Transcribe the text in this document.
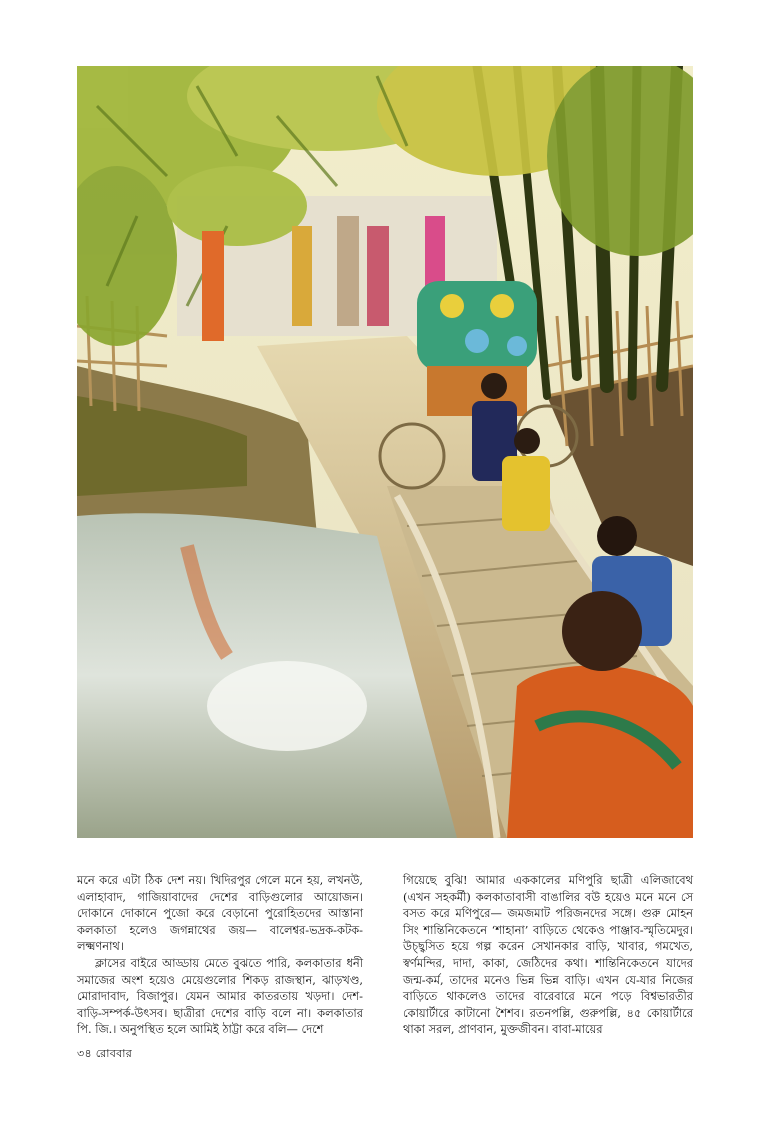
মনে করে এটা ঠিক দেশ নয়। খিদিরপুর গেলে মনে হয়, লখনউ, এলাহাবাদ, গাজিয়াবাদের দেশের বাড়িগুলোর আয়োজন। দোকানে দোকানে পুজো করে বেড়ানো পুরোহিতদের আস্তানা কলকাতা হলেও জগন্নাথের জয়— বালেশ্বর-ভদ্রক-কটক-লক্ষ্মণনাথ।

ক্লাসের বাইরে আড্ডায় মেতে বুঝতে পারি, কলকাতার ধনী সমাজের অংশ হয়েও মেয়েগুলোর শিকড় রাজস্থান, ঝাড়খণ্ড, মোরাদাবাদ, বিজাপুর। যেমন আমার কাতরতায় খড়দা। দেশ-বাড়ি-সম্পর্ক-উৎসব। ছাত্রীরা দেশের বাড়ি বলে না। কলকাতার পি. জি.। অনুপস্থিত হলে আমিই ঠাট্টা করে বলি— দেশে

গিয়েছে বুঝি! আমার এককালের মণিপুরি ছাত্রী এলিজাবেথ (এখন সহকর্মী) কলকাতাবাসী বাঙালির বউ হয়েও মনে মনে সে বসত করে মণিপুরে— জমজমাট পরিজনদের সঙ্গে। গুরু মোহন সিং শান্তিনিকেতনে ‘শাহানা’ বাড়িতে থেকেও পাঞ্জাব-স্মৃতিমেদুর। উচ্ছ্বসিত হয়ে গল্প করেন সেখানকার বাড়ি, খাবার, গমখেত, স্বর্ণমন্দির, দাদা, কাকা, জেঠিদের কথা। শান্তিনিকেতনে যাদের জন্ম-কর্ম, তাদের মনেও ভিন্ন ভিন্ন বাড়ি। এখন যে-যার নিজের বাড়িতে থাকলেও তাদের বারেবারে মনে পড়ে বিশ্বভারতীর কোয়ার্টারে কাটানো শৈশব। রতনপল্লি, গুরুপল্লি, ৪৫ কোয়ার্টারে থাকা সরল, প্রাণবান, মুক্তজীবন। বাবা-মায়ের

৩৪ রোববার
